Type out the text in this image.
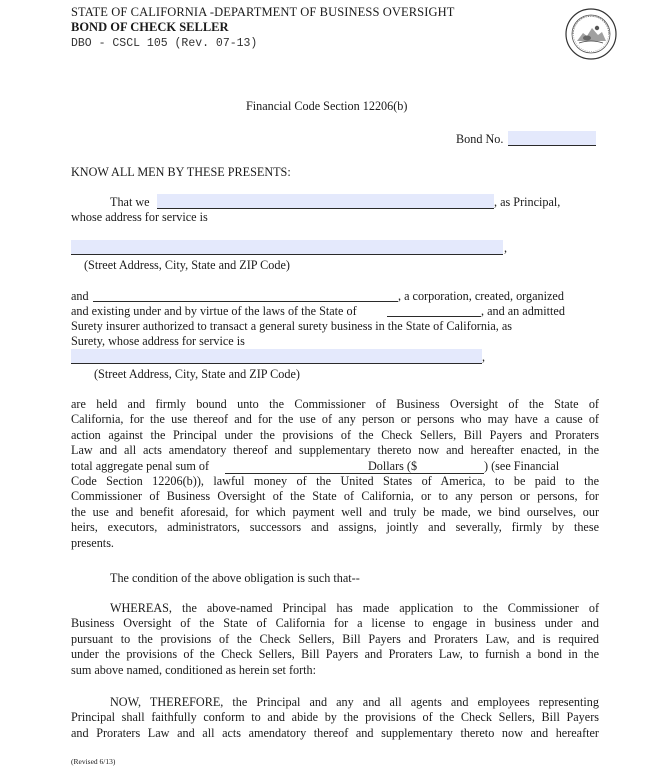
STATE OF CALIFORNIA -DEPARTMENT OF BUSINESS OVERSIGHT
BOND OF CHECK SELLER
DBO - CSCL 105 (Rev. 07-13)
Financial Code Section 12206(b)
Bond No.
KNOW ALL MEN BY THESE PRESENTS:
That we	, as Principal,
whose address for service is
,
(Street Address, City, State and ZIP Code)
and	, a corporation, created, organized
and existing under and by virtue of the laws of the State of	, and an admitted
Surety insurer authorized to transact a general surety business in the State of California, as
Surety, whose address for service is
,
(Street Address, City, State and ZIP Code)
are held and firmly bound unto the Commissioner of Business Oversight of the State of
California, for the use thereof and for the use of any person or persons who may have a cause of
action against the Principal under the provisions of the Check Sellers, Bill Payers and Proraters
Law and all acts amendatory thereof and supplementary thereto now and hereafter enacted, in the
total aggregate penal sum of	Dollars ($	) (see Financial
Code Section 12206(b)), lawful money of the United States of America, to be paid to the
Commissioner of Business Oversight of the State of California, or to any person or persons, for
the use and benefit aforesaid, for which payment well and truly be made, we bind ourselves, our
heirs, executors, administrators, successors and assigns, jointly and severally, firmly by these
presents.
The condition of the above obligation is such that--
WHEREAS, the above-named Principal has made application to the Commissioner of
Business Oversight of the State of California for a license to engage in business under and
pursuant to the provisions of the Check Sellers, Bill Payers and Proraters Law, and is required
under the provisions of the Check Sellers, Bill Payers and Proraters Law, to furnish a bond in the
sum above named, conditioned as herein set forth:
NOW, THEREFORE, the Principal and any and all agents and employees representing
Principal shall faithfully conform to and abide by the provisions of the Check Sellers, Bill Payers
and Proraters Law and all acts amendatory thereof and supplementary thereto now and hereafter
(Revised 6/13)
